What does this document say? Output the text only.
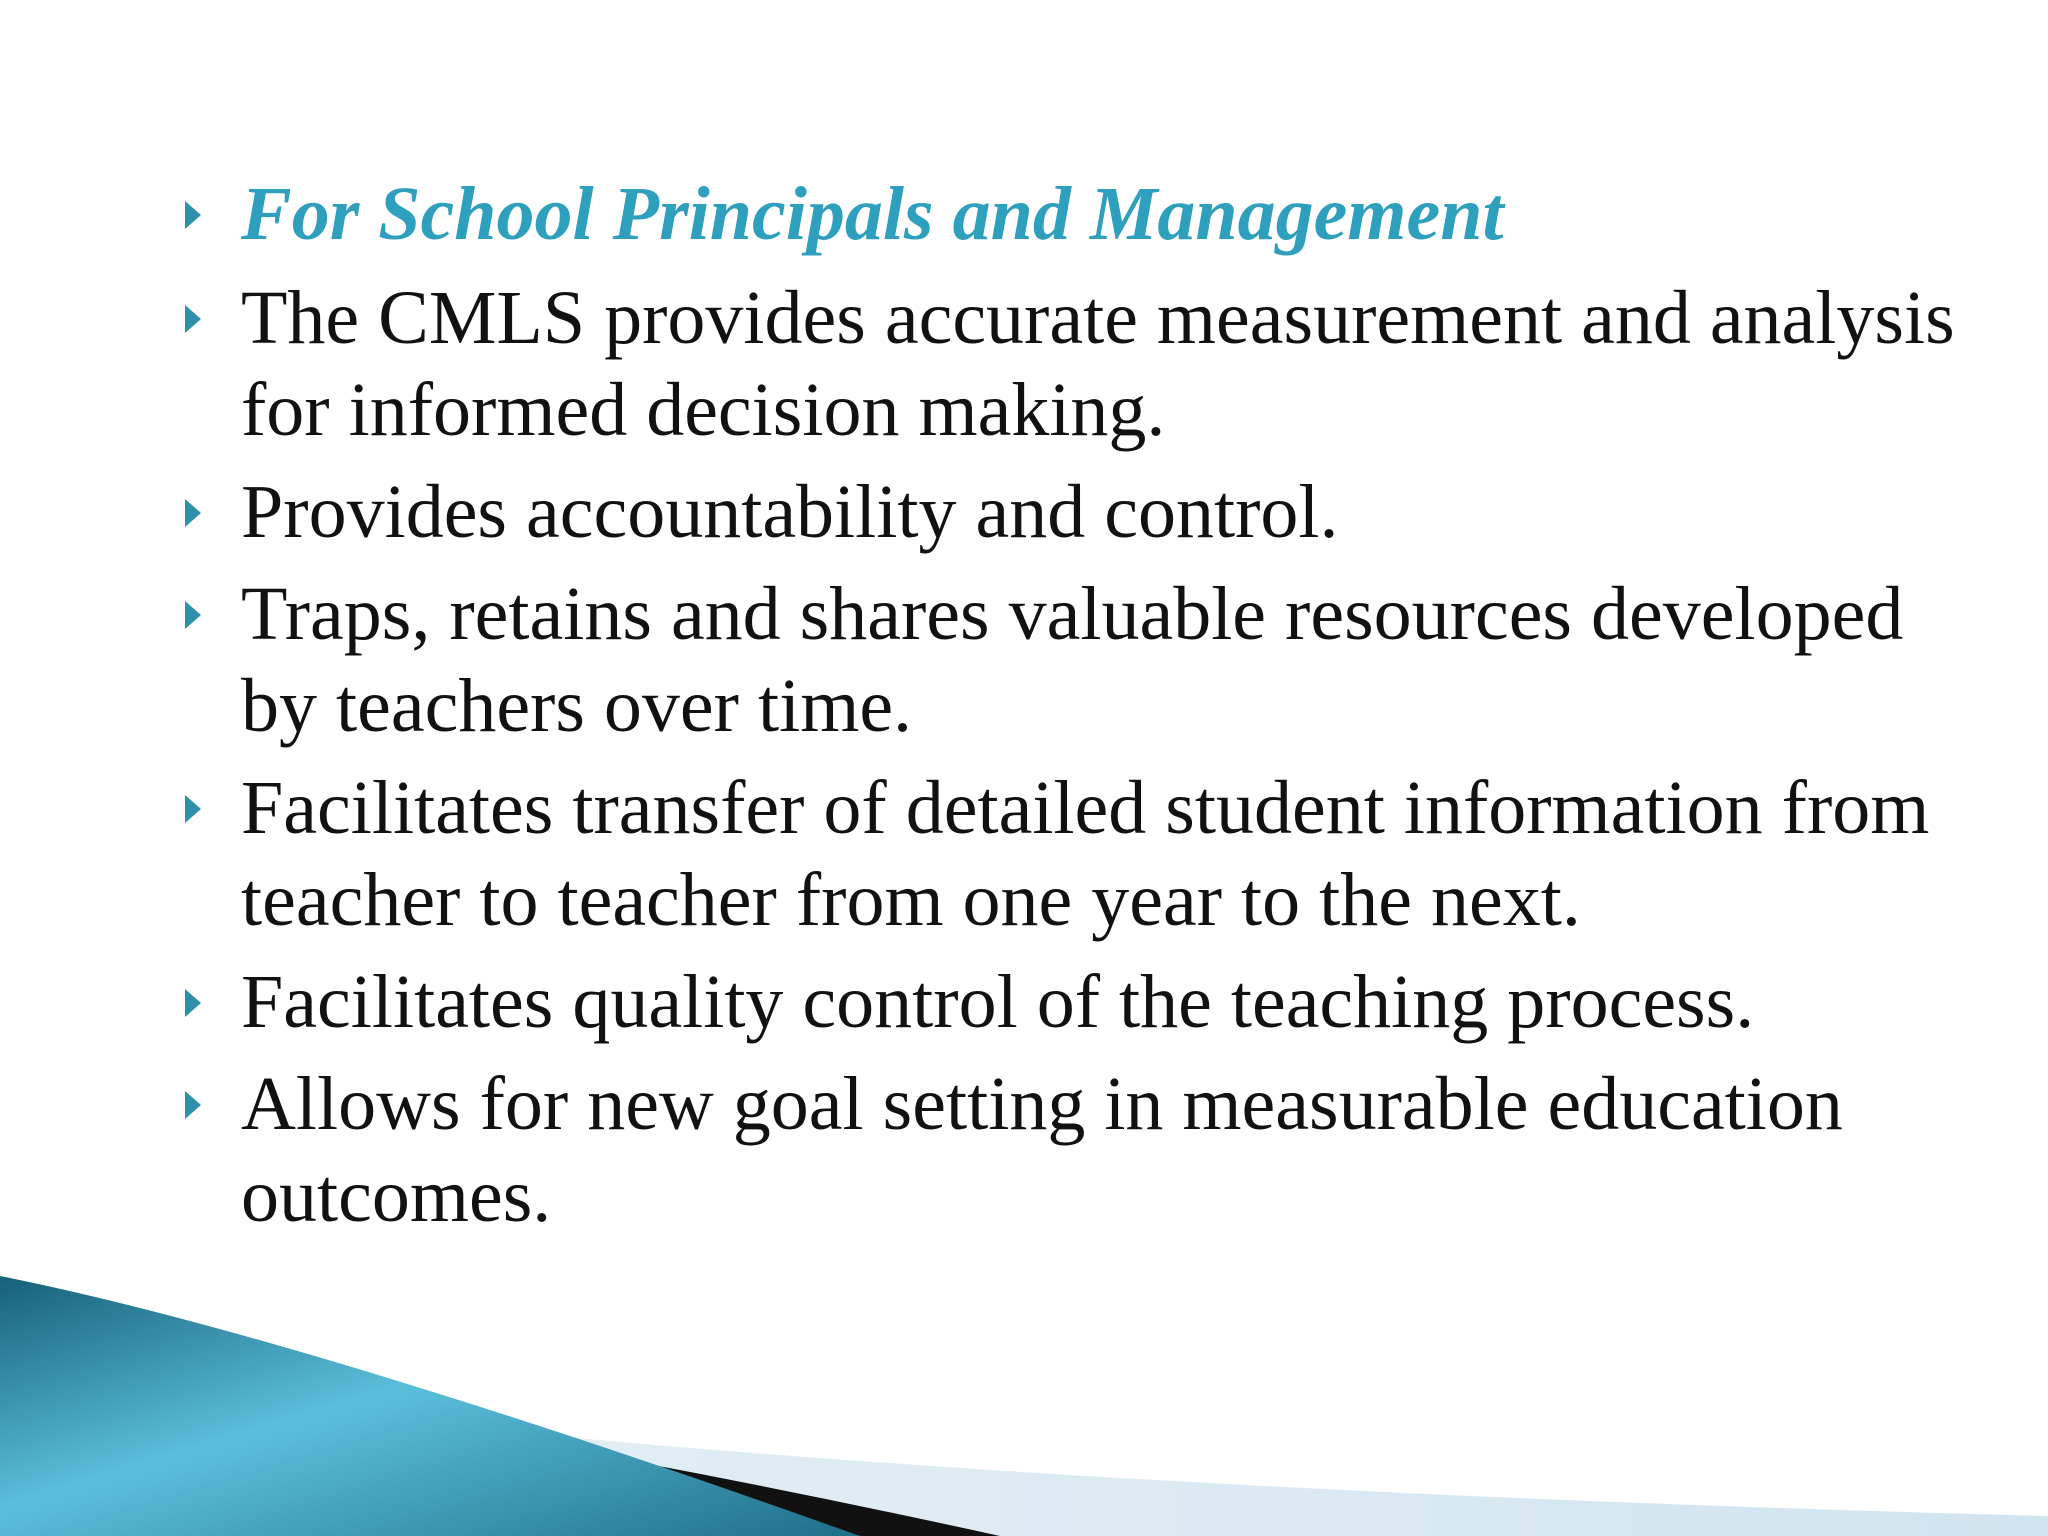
For School Principals and Management
The CMLS provides accurate measurement and analysis for informed decision making.
Provides accountability and control.
Traps, retains and shares valuable resources developed by teachers over time.
Facilitates transfer of detailed student information from teacher to teacher from one year to the next.
Facilitates quality control of the teaching process.
Allows for new goal setting in measurable education outcomes.
